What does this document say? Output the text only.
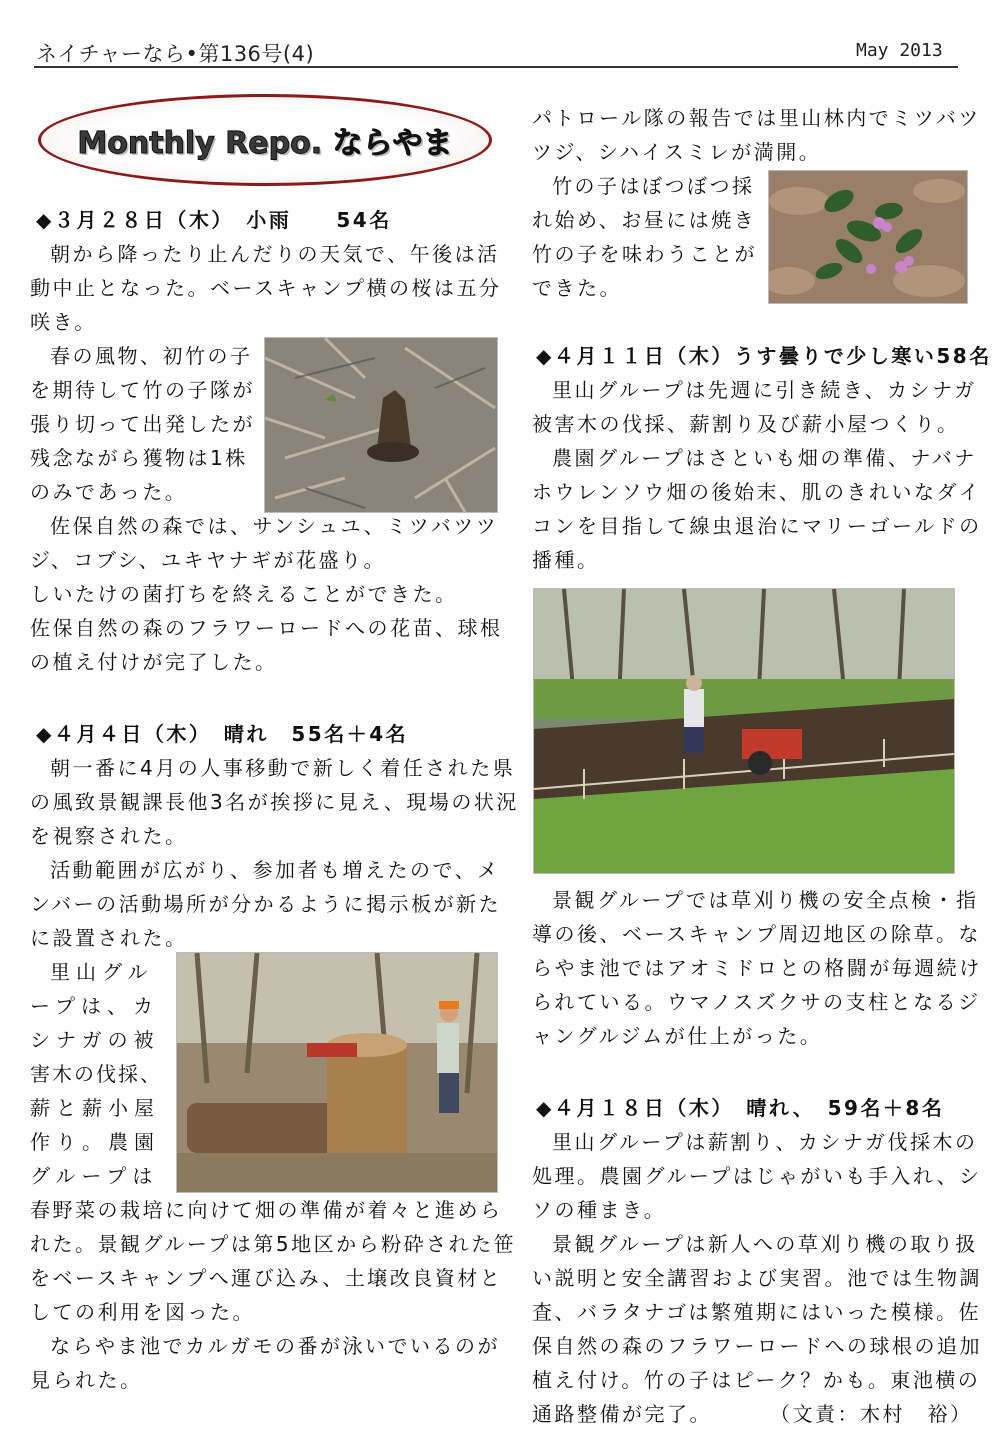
ネイチャーなら•第136号(4)	May 2013
Monthly Repo. ならやま
◆３月２８日（木）　小雨　　54名
朝から降ったり止んだりの天気で、午後は活
動中止となった。ベースキャンプ横の桜は五分
咲き。
春の風物、初竹の子
を期待して竹の子隊が
張り切って出発したが
残念ながら獲物は1株
のみであった。
佐保自然の森では、サンシュユ、ミツバツツ
ジ、コブシ、ユキヤナギが花盛り。
しいたけの菌打ちを終えることができた。
佐保自然の森のフラワーロードへの花苗、球根
の植え付けが完了した。
◆４月４日（木）　晴れ　55名＋4名
朝一番に4月の人事移動で新しく着任された県
の風致景観課長他3名が挨拶に見え、現場の状況
を視察された。
活動範囲が広がり、参加者も増えたので、メ
ンバーの活動場所が分かるように掲示板が新た
に設置された。
里山グル
ープは、カ
シナガの被
害木の伐採、
薪と薪小屋
作り。農園
グループは
春野菜の栽培に向けて畑の準備が着々と進めら
れた。景観グループは第5地区から粉砕された笹
をベースキャンプへ運び込み、土壌改良資材と
しての利用を図った。
ならやま池でカルガモの番が泳いでいるのが
見られた。
パトロール隊の報告では里山林内でミツバツ
ツジ、シハイスミレが満開。
竹の子はぼつぼつ採
れ始め、お昼には焼き
竹の子を味わうことが
できた。
◆４月１１日（木）うす曇りで少し寒い58名
里山グループは先週に引き続き、カシナガ
被害木の伐採、薪割り及び薪小屋つくり。
農園グループはさといも畑の準備、ナバナ
ホウレンソウ畑の後始末、肌のきれいなダイ
コンを目指して線虫退治にマリーゴールドの
播種。
景観グループでは草刈り機の安全点検・指
導の後、ベースキャンプ周辺地区の除草。な
らやま池ではアオミドロとの格闘が毎週続け
られている。ウマノスズクサの支柱となるジ
ャングルジムが仕上がった。
◆４月１８日（木）　晴れ、　59名＋8名
里山グループは薪割り、カシナガ伐採木の
処理。農園グループはじゃがいも手入れ、シ
ソの種まき。
景観グループは新人への草刈り機の取り扱
い説明と安全講習および実習。池では生物調
査、バラタナゴは繁殖期にはいった模様。佐
保自然の森のフラワーロードへの球根の追加
植え付け。竹の子はピーク？かも。東池横の
通路整備が完了。	（文責：木村　裕）
